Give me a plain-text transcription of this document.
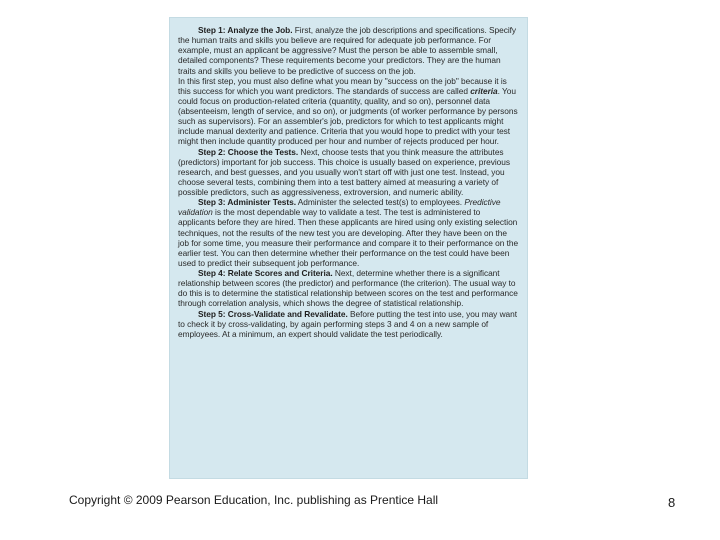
Step 1: Analyze the Job. First, analyze the job descriptions and specifications. Specify the human traits and skills you believe are required for adequate job performance. For example, must an applicant be aggressive? Must the person be able to assemble small, detailed components? These requirements become your predictors. They are the human traits and skills you believe to be predictive of success on the job.

In this first step, you must also define what you mean by "success on the job" because it is this success for which you want predictors. The standards of success are called criteria. You could focus on production-related criteria (quantity, quality, and so on), personnel data (absenteeism, length of service, and so on), or judgments (of worker performance by persons such as supervisors). For an assembler's job, predictors for which to test applicants might include manual dexterity and patience. Criteria that you would hope to predict with your test might then include quantity produced per hour and number of rejects produced per hour.

Step 2: Choose the Tests. Next, choose tests that you think measure the attributes (predictors) important for job success. This choice is usually based on experience, previous research, and best guesses, and you usually won't start off with just one test. Instead, you choose several tests, combining them into a test battery aimed at measuring a variety of possible predictors, such as aggressiveness, extroversion, and numeric ability.

Step 3: Administer Tests. Administer the selected test(s) to employees. Predictive validation is the most dependable way to validate a test. The test is administered to applicants before they are hired. Then these applicants are hired using only existing selection techniques, not the results of the new test you are developing. After they have been on the job for some time, you measure their performance and compare it to their performance on the earlier test. You can then determine whether their performance on the test could have been used to predict their subsequent job performance.

Step 4: Relate Scores and Criteria. Next, determine whether there is a significant relationship between scores (the predictor) and performance (the criterion). The usual way to do this is to determine the statistical relationship between scores on the test and performance through correlation analysis, which shows the degree of statistical relationship.

Step 5: Cross-Validate and Revalidate. Before putting the test into use, you may want to check it by cross-validating, by again performing steps 3 and 4 on a new sample of employees. At a minimum, an expert should validate the test periodically.

Copyright © 2009 Pearson Education, Inc. publishing as Prentice Hall	8
